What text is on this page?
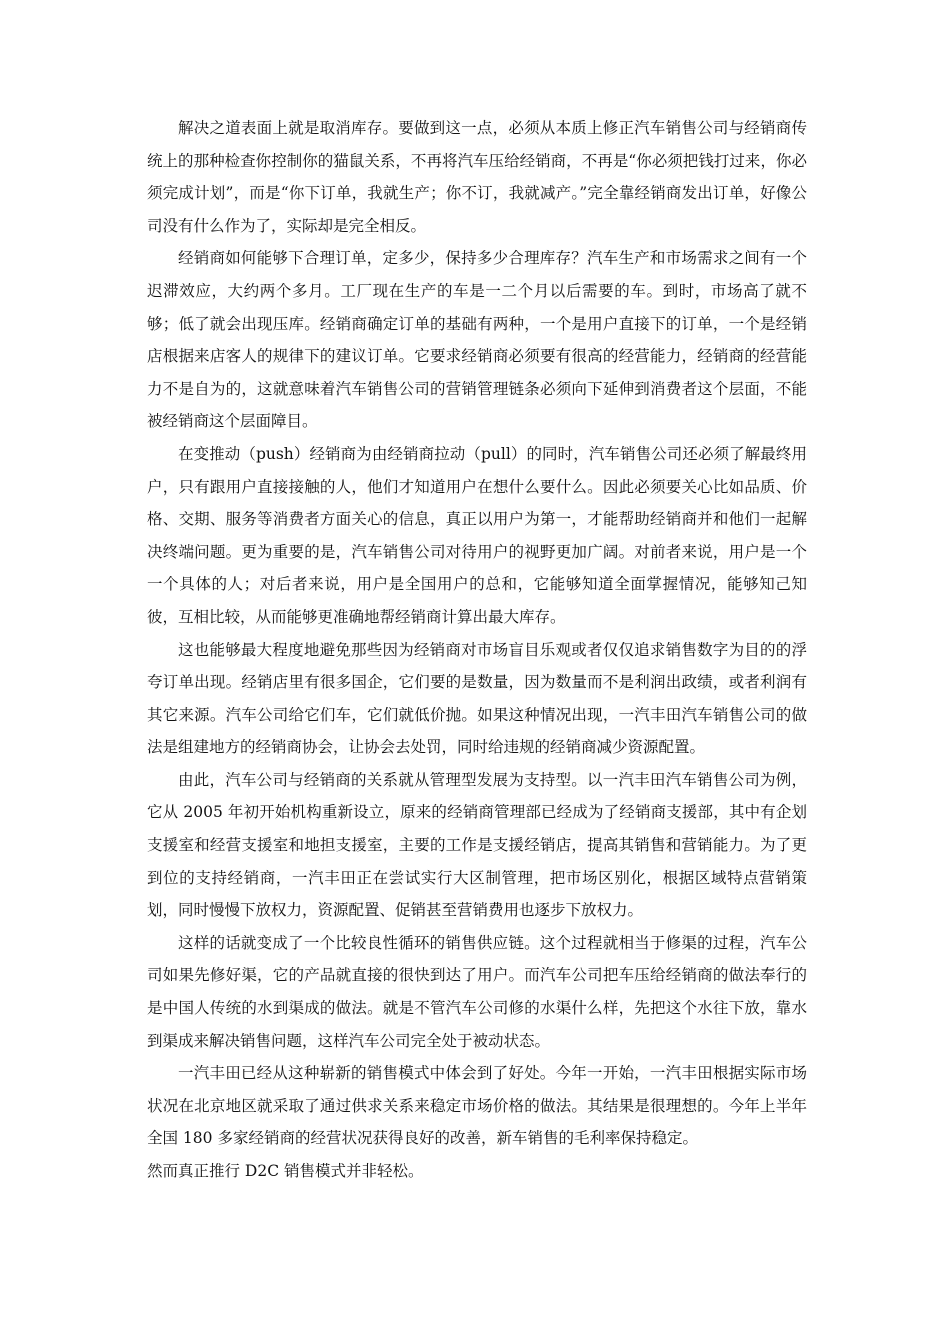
解决之道表面上就是取消库存。要做到这一点，必须从本质上修正汽车销售公司与经销商传统上的那种检查你控制你的猫鼠关系，不再将汽车压给经销商，不再是“你必须把钱打过来，你必须完成计划”，而是“你下订单，我就生产；你不订，我就减产。”完全靠经销商发出订单，好像公司没有什么作为了，实际却是完全相反。

经销商如何能够下合理订单，定多少，保持多少合理库存？汽车生产和市场需求之间有一个迟滞效应，大约两个多月。工厂现在生产的车是一二个月以后需要的车。到时，市场高了就不够；低了就会出现压库。经销商确定订单的基础有两种，一个是用户直接下的订单，一个是经销店根据来店客人的规律下的建议订单。它要求经销商必须要有很高的经营能力，经销商的经营能力不是自为的，这就意味着汽车销售公司的营销管理链条必须向下延伸到消费者这个层面，不能被经销商这个层面障目。

在变推动（push）经销商为由经销商拉动（pull）的同时，汽车销售公司还必须了解最终用户，只有跟用户直接接触的人，他们才知道用户在想什么要什么。因此必须要关心比如品质、价格、交期、服务等消费者方面关心的信息，真正以用户为第一，才能帮助经销商并和他们一起解决终端问题。更为重要的是，汽车销售公司对待用户的视野更加广阔。对前者来说，用户是一个一个具体的人；对后者来说，用户是全国用户的总和，它能够知道全面掌握情况，能够知己知彼，互相比较，从而能够更准确地帮经销商计算出最大库存。

这也能够最大程度地避免那些因为经销商对市场盲目乐观或者仅仅追求销售数字为目的的浮夸订单出现。经销店里有很多国企，它们要的是数量，因为数量而不是利润出政绩，或者利润有其它来源。汽车公司给它们车，它们就低价抛。如果这种情况出现，一汽丰田汽车销售公司的做法是组建地方的经销商协会，让协会去处罚，同时给违规的经销商减少资源配置。

由此，汽车公司与经销商的关系就从管理型发展为支持型。以一汽丰田汽车销售公司为例，它从 2005 年初开始机构重新设立，原来的经销商管理部已经成为了经销商支援部，其中有企划支援室和经营支援室和地担支援室，主要的工作是支援经销店，提高其销售和营销能力。为了更到位的支持经销商，一汽丰田正在尝试实行大区制管理，把市场区别化，根据区域特点营销策划，同时慢慢下放权力，资源配置、促销甚至营销费用也逐步下放权力。

这样的话就变成了一个比较良性循环的销售供应链。这个过程就相当于修渠的过程，汽车公司如果先修好渠，它的产品就直接的很快到达了用户。而汽车公司把车压给经销商的做法奉行的是中国人传统的水到渠成的做法。就是不管汽车公司修的水渠什么样，先把这个水往下放，靠水到渠成来解决销售问题，这样汽车公司完全处于被动状态。

一汽丰田已经从这种崭新的销售模式中体会到了好处。今年一开始，一汽丰田根据实际市场状况在北京地区就采取了通过供求关系来稳定市场价格的做法。其结果是很理想的。今年上半年全国 180 多家经销商的经营状况获得良好的改善，新车销售的毛利率保持稳定。

然而真正推行 D2C 销售模式并非轻松。
